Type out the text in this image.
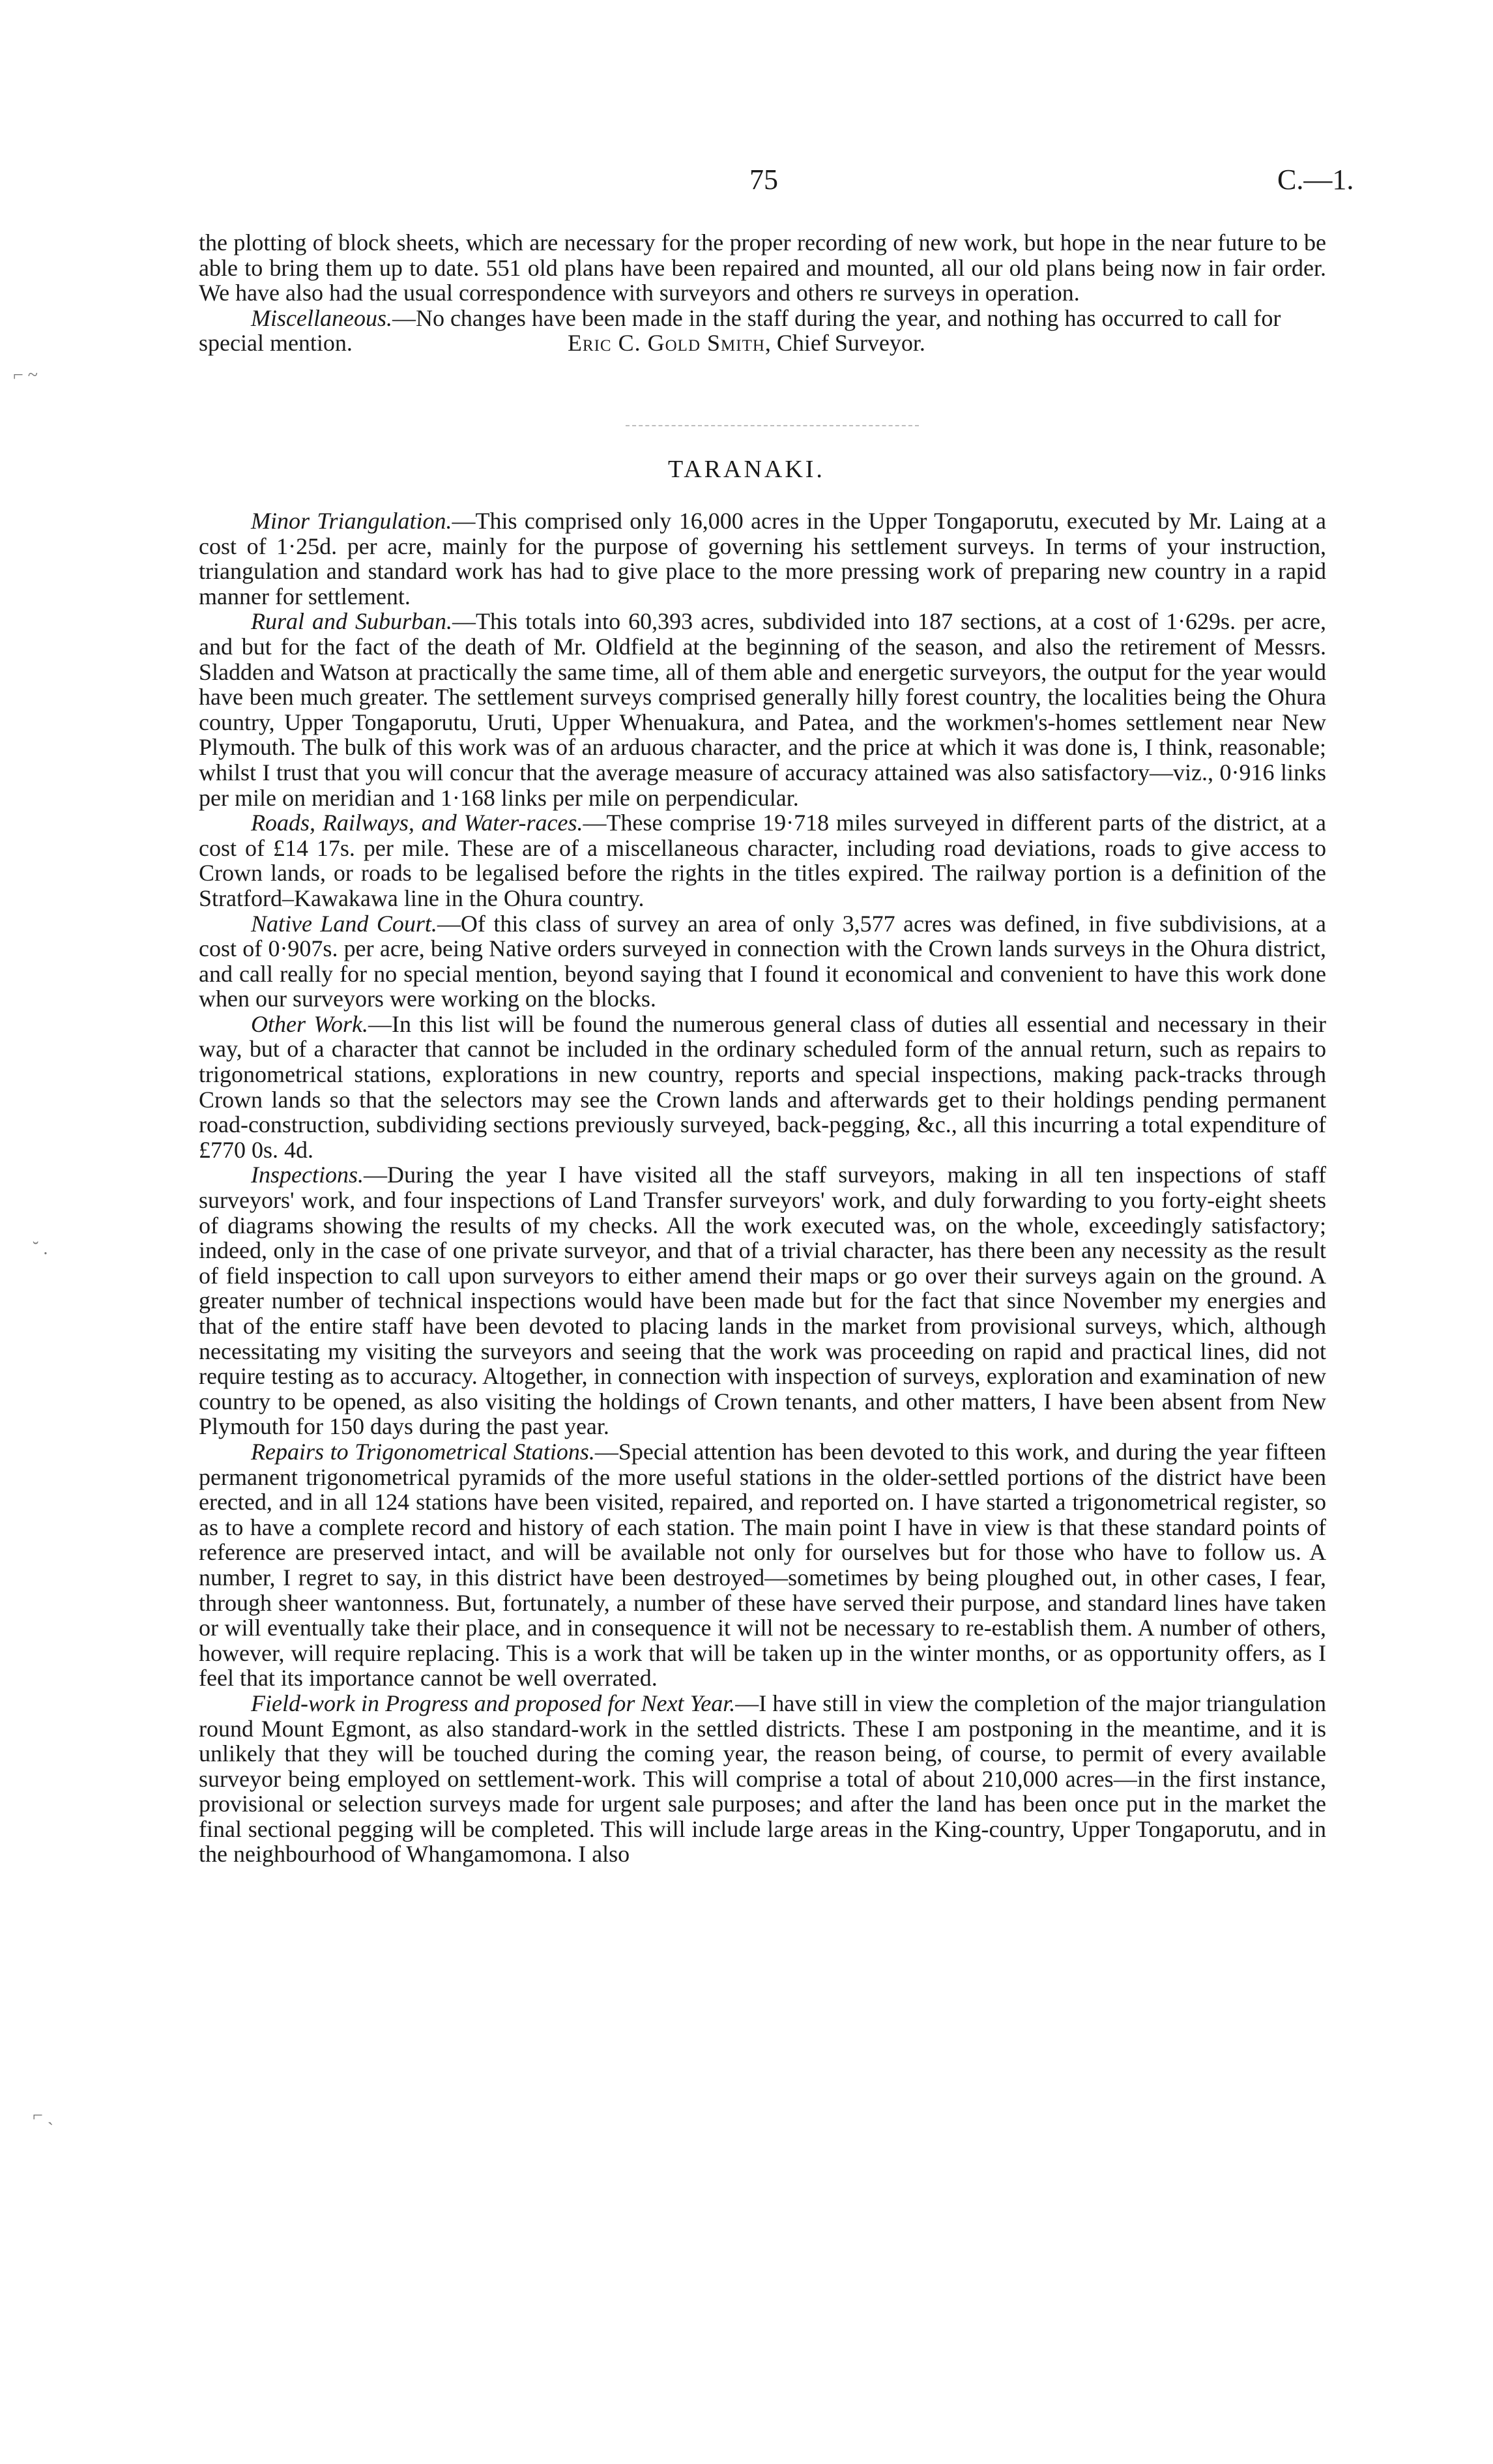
75	C.—1.
⌐ ~
˘ .
⌐ ˎ

the plotting of block sheets, which are necessary for the proper recording of new work, but hope in the near future to be able to bring them up to date. 551 old plans have been repaired and mounted, all our old plans being now in fair order. We have also had the usual correspondence with surveyors and others re surveys in operation.

Miscellaneous.—No changes have been made in the staff during the year, and nothing has occurred to call for special mention.	Eric C. Gold Smith, Chief Surveyor.

TARANAKI.

Minor Triangulation.—This comprised only 16,000 acres in the Upper Tongaporutu, executed by Mr. Laing at a cost of 1·25d. per acre, mainly for the purpose of governing his settlement surveys. In terms of your instruction, triangulation and standard work has had to give place to the more pressing work of preparing new country in a rapid manner for settlement.

Rural and Suburban.—This totals into 60,393 acres, subdivided into 187 sections, at a cost of 1·629s. per acre, and but for the fact of the death of Mr. Oldfield at the beginning of the season, and also the retirement of Messrs. Sladden and Watson at practically the same time, all of them able and energetic surveyors, the output for the year would have been much greater. The settlement surveys comprised generally hilly forest country, the localities being the Ohura country, Upper Tongaporutu, Uruti, Upper Whenuakura, and Patea, and the workmen's-homes settlement near New Plymouth. The bulk of this work was of an arduous character, and the price at which it was done is, I think, reasonable; whilst I trust that you will concur that the average measure of accuracy attained was also satisfactory—viz., 0·916 links per mile on meridian and 1·168 links per mile on perpendicular.

Roads, Railways, and Water-races.—These comprise 19·718 miles surveyed in different parts of the district, at a cost of £14 17s. per mile. These are of a miscellaneous character, including road deviations, roads to give access to Crown lands, or roads to be legalised before the rights in the titles expired. The railway portion is a definition of the Stratford–Kawakawa line in the Ohura country.

Native Land Court.—Of this class of survey an area of only 3,577 acres was defined, in five subdivisions, at a cost of 0·907s. per acre, being Native orders surveyed in connection with the Crown lands surveys in the Ohura district, and call really for no special mention, beyond saying that I found it economical and convenient to have this work done when our surveyors were working on the blocks.

Other Work.—In this list will be found the numerous general class of duties all essential and necessary in their way, but of a character that cannot be included in the ordinary scheduled form of the annual return, such as repairs to trigonometrical stations, explorations in new country, reports and special inspections, making pack-tracks through Crown lands so that the selectors may see the Crown lands and afterwards get to their holdings pending permanent road-construction, subdividing sections previously surveyed, back-pegging, &c., all this incurring a total expenditure of £770 0s. 4d.

Inspections.—During the year I have visited all the staff surveyors, making in all ten inspections of staff surveyors' work, and four inspections of Land Transfer surveyors' work, and duly forwarding to you forty-eight sheets of diagrams showing the results of my checks. All the work executed was, on the whole, exceedingly satisfactory; indeed, only in the case of one private surveyor, and that of a trivial character, has there been any necessity as the result of field inspection to call upon surveyors to either amend their maps or go over their surveys again on the ground. A greater number of technical inspections would have been made but for the fact that since November my energies and that of the entire staff have been devoted to placing lands in the market from provisional surveys, which, although necessitating my visiting the surveyors and seeing that the work was proceeding on rapid and practical lines, did not require testing as to accuracy. Altogether, in connection with inspection of surveys, exploration and examination of new country to be opened, as also visiting the holdings of Crown tenants, and other matters, I have been absent from New Plymouth for 150 days during the past year.

Repairs to Trigonometrical Stations.—Special attention has been devoted to this work, and during the year fifteen permanent trigonometrical pyramids of the more useful stations in the older-settled portions of the district have been erected, and in all 124 stations have been visited, repaired, and reported on. I have started a trigonometrical register, so as to have a complete record and history of each station. The main point I have in view is that these standard points of reference are preserved intact, and will be available not only for ourselves but for those who have to follow us. A number, I regret to say, in this district have been destroyed—sometimes by being ploughed out, in other cases, I fear, through sheer wantonness. But, fortunately, a number of these have served their purpose, and standard lines have taken or will eventually take their place, and in consequence it will not be necessary to re-establish them. A number of others, however, will require replacing. This is a work that will be taken up in the winter months, or as opportunity offers, as I feel that its importance cannot be well overrated.

Field-work in Progress and proposed for Next Year.—I have still in view the completion of the major triangulation round Mount Egmont, as also standard-work in the settled districts. These I am postponing in the meantime, and it is unlikely that they will be touched during the coming year, the reason being, of course, to permit of every available surveyor being employed on settlement-work. This will comprise a total of about 210,000 acres—in the first instance, provisional or selection surveys made for urgent sale purposes; and after the land has been once put in the market the final sectional pegging will be completed. This will include large areas in the King-country, Upper Tongaporutu, and in the neighbourhood of Whangamomona. I also
